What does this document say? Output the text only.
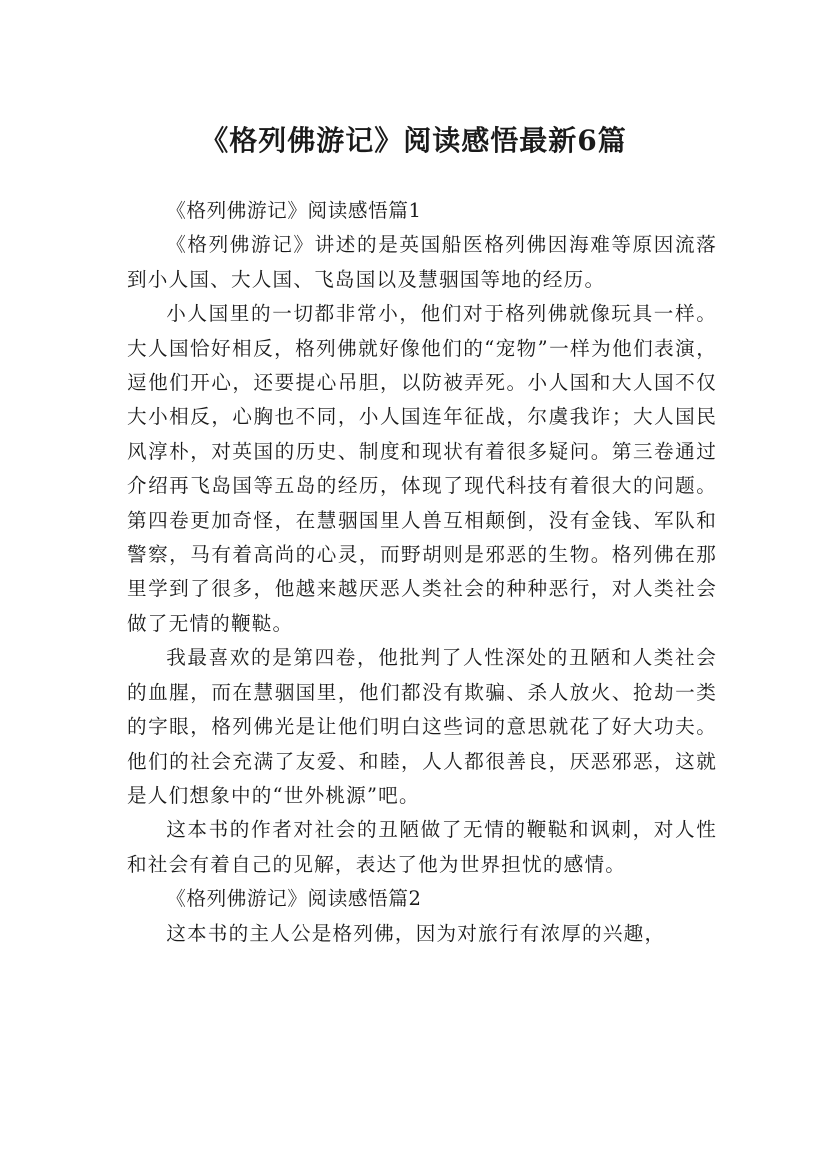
《格列佛游记》阅读感悟最新6篇

《格列佛游记》阅读感悟篇1

《格列佛游记》讲述的是英国船医格列佛因海难等原因流落到小人国、大人国、飞岛国以及慧骃国等地的经历。

小人国里的一切都非常小，他们对于格列佛就像玩具一样。大人国恰好相反，格列佛就好像他们的“宠物”一样为他们表演，逗他们开心，还要提心吊胆，以防被弄死。小人国和大人国不仅大小相反，心胸也不同，小人国连年征战，尔虞我诈；大人国民风淳朴，对英国的历史、制度和现状有着很多疑问。第三卷通过介绍再飞岛国等五岛的经历，体现了现代科技有着很大的问题。第四卷更加奇怪，在慧骃国里人兽互相颠倒，没有金钱、军队和警察，马有着高尚的心灵，而野胡则是邪恶的生物。格列佛在那里学到了很多，他越来越厌恶人类社会的种种恶行，对人类社会做了无情的鞭鞑。

我最喜欢的是第四卷，他批判了人性深处的丑陋和人类社会的血腥，而在慧骃国里，他们都没有欺骗、杀人放火、抢劫一类的字眼，格列佛光是让他们明白这些词的意思就花了好大功夫。他们的社会充满了友爱、和睦，人人都很善良，厌恶邪恶，这就是人们想象中的“世外桃源”吧。

这本书的作者对社会的丑陋做了无情的鞭鞑和讽刺，对人性和社会有着自己的见解，表达了他为世界担忧的感情。

《格列佛游记》阅读感悟篇2

这本书的主人公是格列佛，因为对旅行有浓厚的兴趣，
